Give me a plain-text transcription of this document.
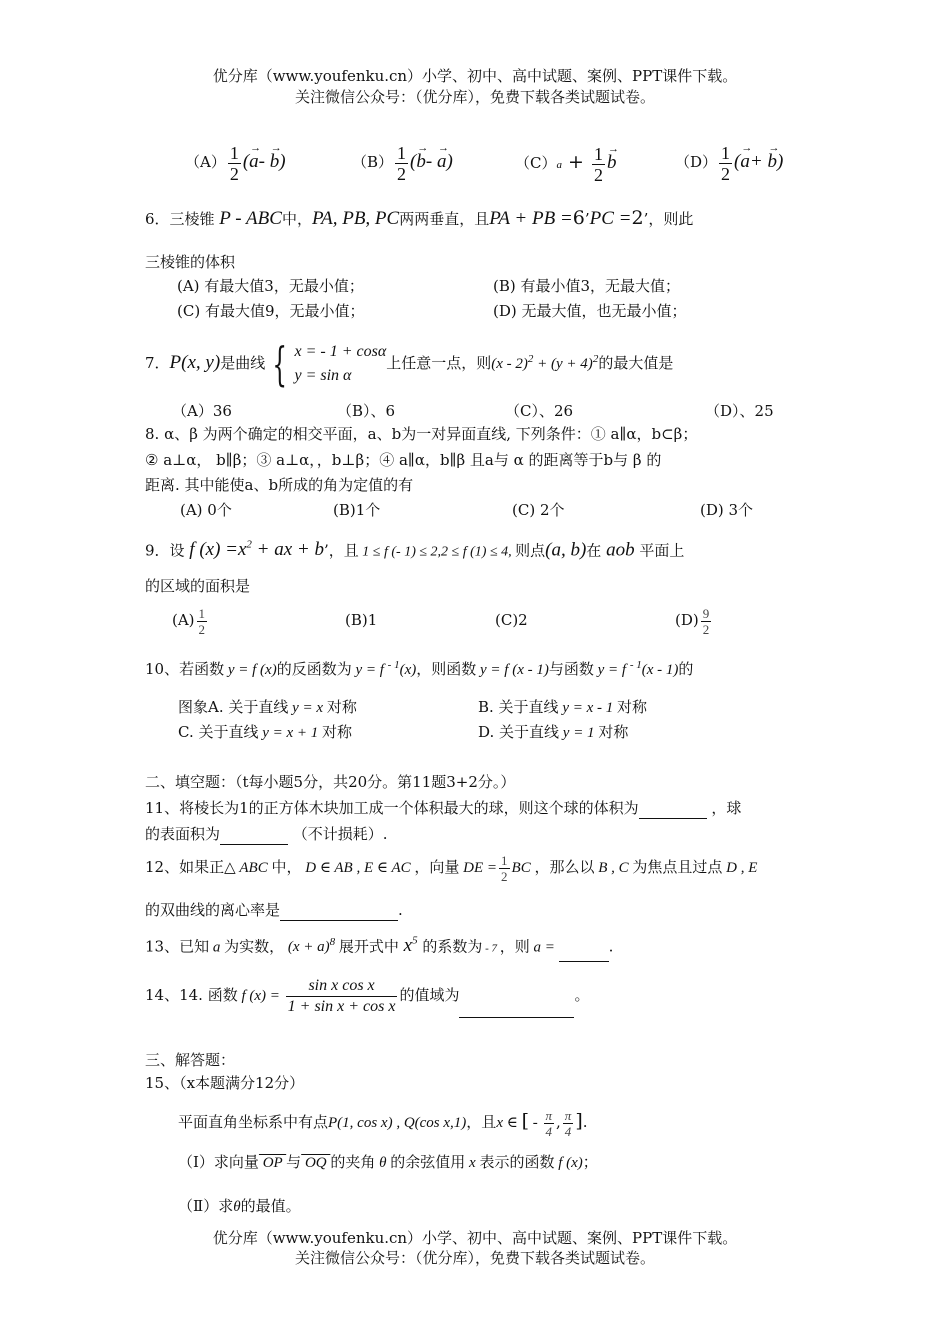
优分库（www.youfenku.cn）小学、初中、高中试题、案例、PPT课件下载。
关注微信公众号：（优分库），免费下载各类试题试卷。
$(A) \frac{1}{2}$ (→ a- → b)	$(B) \frac{1}{2}$ (→ b- → a)	$(C)a + \frac{1}{2} \to b$	$(D) \frac{1}{2}$ (→ a+ → b)
6．三棱锥 P - ABC中，PA, PB, PC两两垂直，且PA + PB =6’PC =2’，则此
三棱锥的体积
(A) 有最大值3，无最小值；	(B) 有最小值3，无最大值；
(C) 有最大值9，无最小值；	(D) 无最大值，也无最小值；
7．P(x, y)是曲线 { x = - 1 + cosα
y = sin α
上任意一点，则$(x - 2)^2 + (y + 4)^2$的最大值是
（A）36	（B）、6	（C）、26	（D）、25
8. α、β 为两个确定的相交平面，a、b为一对异面直线, 下列条件：① a∥α，b⊂β；
② a⊥α， b∥β；③ a⊥α，，b⊥β；④ a∥α，b∥β 且a与 α 的距离等于b与 β 的
距离. 其中能使a、b所成的角为定值的有
(A) 0个	(B)1个	(C) 2个	(D) 3个
9．设 f $(x) =x^2$ + ax + b’，且 1 ≤ f (- 1) ≤ 2,2 ≤ f (1) ≤ 4, 则点(a, b)在 aob 平面上
的区域的面积是
$(A) \frac{1}{2}$	(B)1	(C)2	$(D) \frac{9}{2}$
10、若函数 y = f (x)的反函数为 y = f $^{- 1}$(x)，则函数 y = f (x - 1)与函数 y = f $^{- 1}$(x - 1)的
图象A. 关于直线 y = x 对称	B. 关于直线 y = x - 1 对称
C. 关于直线 y = x + 1 对称	D. 关于直线 y = 1 对称
二、填空题：（t每小题5分，共20分。第11题3+2分。）
11、将棱长为1的正方体木块加工成一个体积最大的球，则这个球的体积为	，球
的表面积为	（不计损耗）.
12、如果正△ ABC 中， D ∈ AB , E ∈ AC ，向量 DE = $\frac{1}{2}$ BC ，那么以 B , C 为焦点且过点 D , E
的双曲线的离心率是	.
13、已知 a 为实数， $(x + a)^8$ 展开式中 $x^5$ 的系数为 - 7 ，则 a =	.
14、14. 函数 f $(x) = \frac{\text{sin x cos x}}{\text{1 + sin x + cos x}}$ 的值域为	。
三、解答题：
15、（x本题满分12分）
平面直角坐标系中有点P(1, cos x) , Q(cos x,1)，且x ∈ [ - $\frac{\pi}{4}$ , $\frac{\pi}{4}$ ].
（Ⅰ）求向量 OP 与 OQ 的夹角 θ 的余弦值用 x 表示的函数 f (x)；
（Ⅱ）求θ的最值。
优分库（www.youfenku.cn）小学、初中、高中试题、案例、PPT课件下载。
关注微信公众号：（优分库），免费下载各类试题试卷。
